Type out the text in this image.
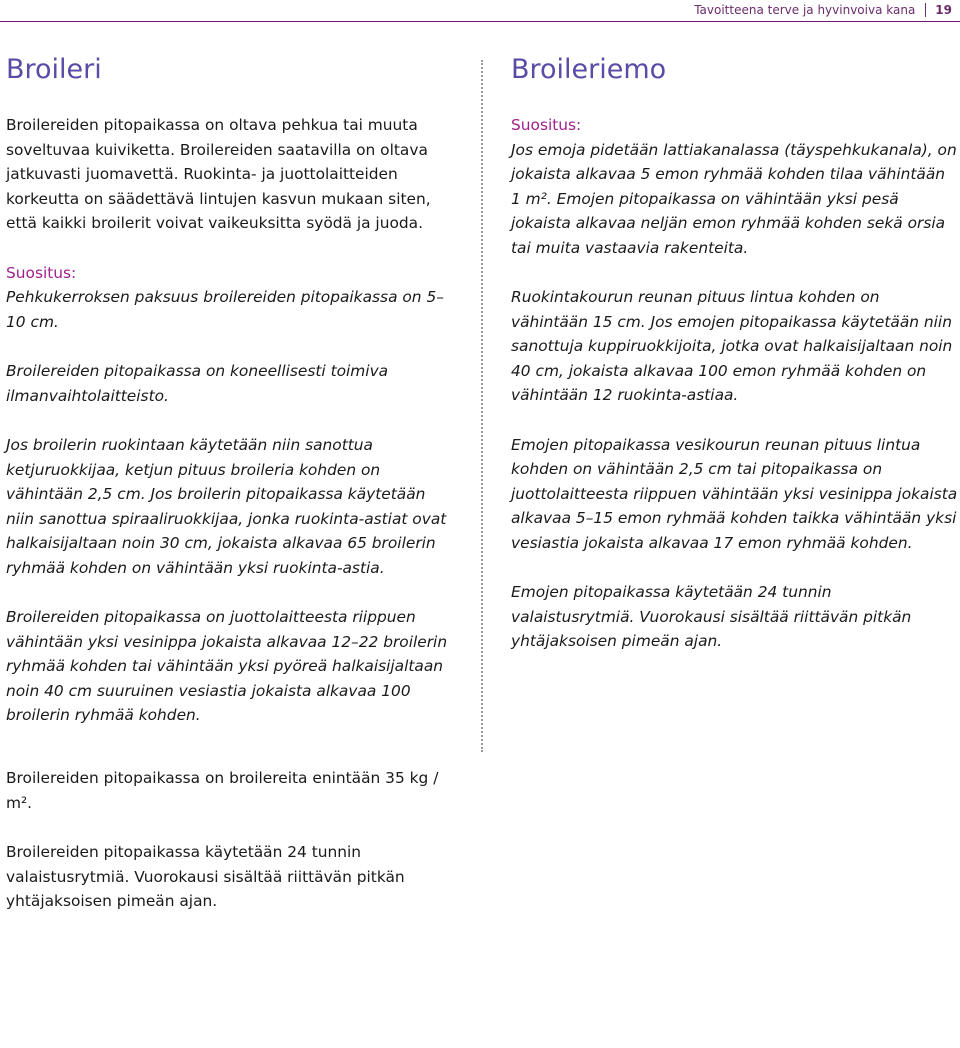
Tavoitteena terve ja hyvinvoiva kana 19
Broileri

Broilereiden pitopaikassa on oltava pehkua tai muuta soveltuvaa kuiviketta. Broilereiden saatavilla on oltava jatkuvasti juomavettä. Ruokinta- ja juottolaitteiden korkeutta on säädettävä lintujen kasvun mukaan siten, että kaikki broilerit voivat vaikeuksitta syödä ja juoda.

Suositus:
Pehkukerroksen paksuus broilereiden pitopaikassa on 5–10 cm.

Broilereiden pitopaikassa on koneellisesti toimiva ilmanvaihtolaitteisto.

Jos broilerin ruokintaan käytetään niin sanottua ketjuruokkijaa, ketjun pituus broileria kohden on vähintään 2,5 cm. Jos broilerin pitopaikassa käytetään niin sanottua spiraaliruokkijaa, jonka ruokinta-astiat ovat halkaisijaltaan noin 30 cm, jokaista alkavaa 65 broilerin ryhmää kohden on vähintään yksi ruokinta-astia.

Broilereiden pitopaikassa on juottolaitteesta riippuen vähintään yksi vesinippa jokaista alkavaa 12–22 broilerin ryhmää kohden tai vähintään yksi pyöreä halkaisijaltaan noin 40 cm suuruinen vesiastia jokaista alkavaa 100 broilerin ryhmää kohden.

Broilereiden pitopaikassa on broilereita enintään 35 kg / m².

Broilereiden pitopaikassa käytetään 24 tunnin valaistusrytmiä. Vuorokausi sisältää riittävän pitkän yhtäjaksoisen pimeän ajan.

Broileriemo

Suositus:
Jos emoja pidetään lattiakanalassa (täyspehkukanala), on jokaista alkavaa 5 emon ryhmää kohden tilaa vähintään 1 m². Emojen pitopaikassa on vähintään yksi pesä jokaista alkavaa neljän emon ryhmää kohden sekä orsia tai muita vastaavia rakenteita.

Ruokintakourun reunan pituus lintua kohden on vähintään 15 cm. Jos emojen pitopaikassa käytetään niin sanottuja kuppiruokkijoita, jotka ovat halkaisijaltaan noin 40 cm, jokaista alkavaa 100 emon ryhmää kohden on vähintään 12 ruokinta-astiaa.

Emojen pitopaikassa vesikourun reunan pituus lintua kohden on vähintään 2,5 cm tai pitopaikassa on juottolaitteesta riippuen vähintään yksi vesinippa jokaista alkavaa 5–15 emon ryhmää kohden taikka vähintään yksi vesiastia jokaista alkavaa 17 emon ryhmää kohden.

Emojen pitopaikassa käytetään 24 tunnin valaistusrytmiä. Vuorokausi sisältää riittävän pitkän yhtäjaksoisen pimeän ajan.
